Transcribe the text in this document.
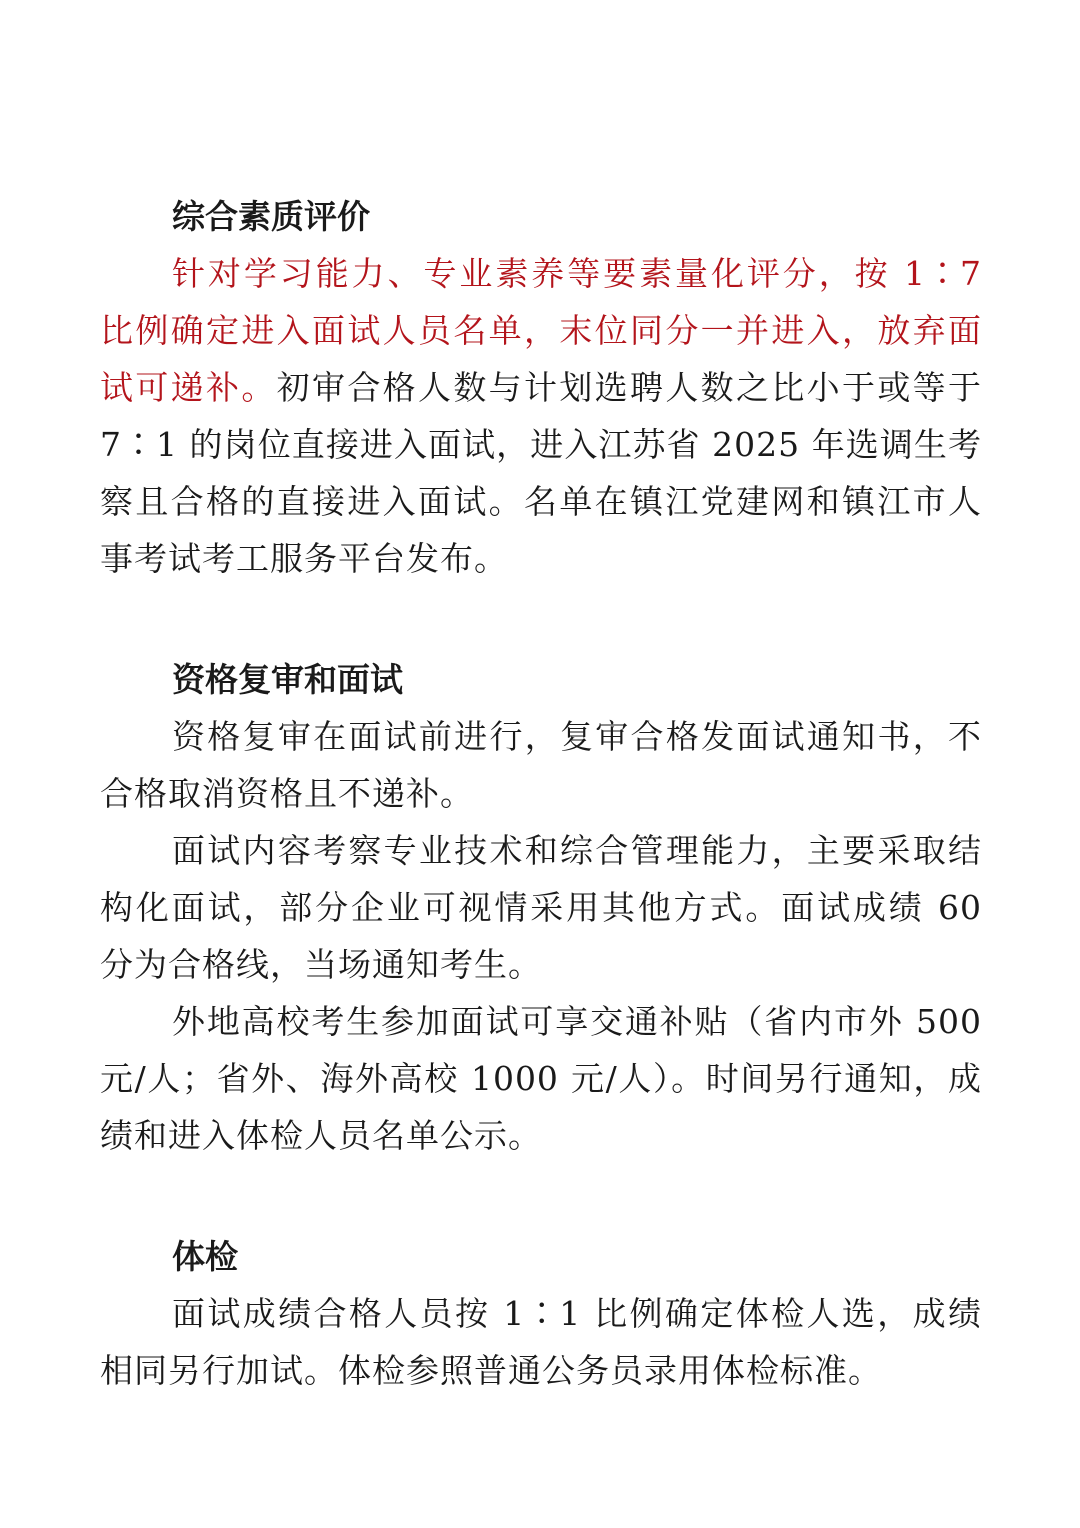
综合素质评价

针对学习能力、专业素养等要素量化评分，按 1∶7 比例确定进入面试人员名单，末位同分一并进入，放弃面试可递补。初审合格人数与计划选聘人数之比小于或等于 7∶1 的岗位直接进入面试，进入江苏省 2025 年选调生考察且合格的直接进入面试。名单在镇江党建网和镇江市人事考试考工服务平台发布。

资格复审和面试

资格复审在面试前进行，复审合格发面试通知书，不合格取消资格且不递补。

面试内容考察专业技术和综合管理能力，主要采取结构化面试，部分企业可视情采用其他方式。面试成绩 60 分为合格线，当场通知考生。

外地高校考生参加面试可享交通补贴（省内市外 500 元/人；省外、海外高校 1000 元/人）。时间另行通知，成绩和进入体检人员名单公示。

体检

面试成绩合格人员按 1∶1 比例确定体检人选，成绩相同另行加试。体检参照普通公务员录用体检标准。
